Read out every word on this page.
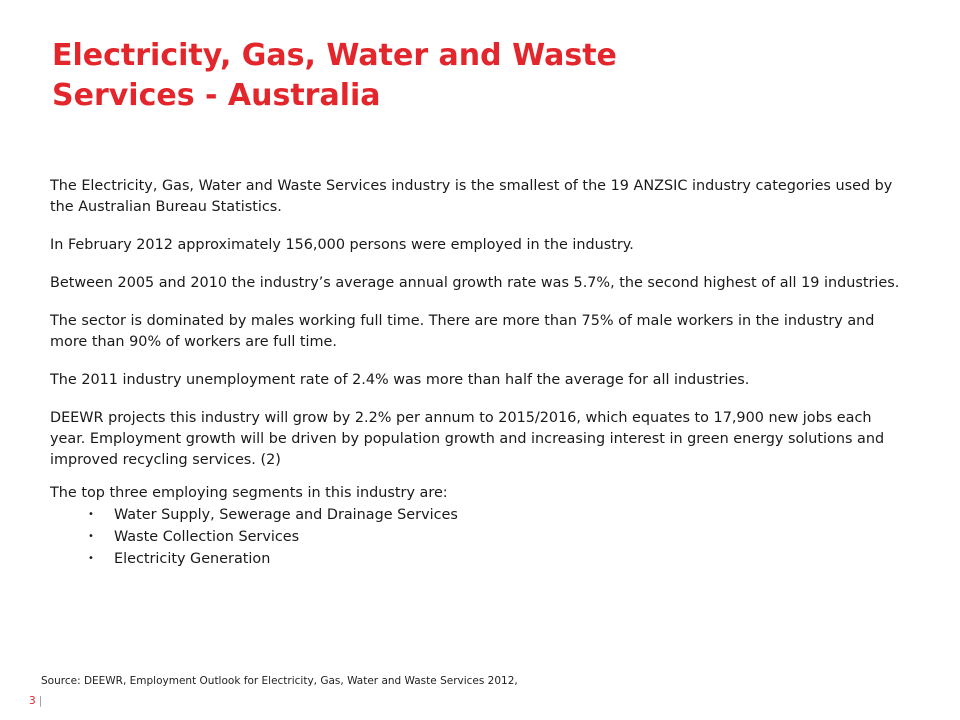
Electricity, Gas, Water and Waste
Services - Australia

The Electricity, Gas, Water and Waste Services industry is the smallest of the 19 ANZSIC industry categories used by the Australian Bureau Statistics.

In February 2012 approximately 156,000 persons were employed in the industry.

Between 2005 and 2010 the industry’s average annual growth rate was 5.7%, the second highest of all 19 industries.

The sector is dominated by males working full time. There are more than 75% of male workers in the industry and more than 90% of workers are full time.

The 2011 industry unemployment rate of 2.4% was more than half the average for all industries.

DEEWR projects this industry will grow by 2.2% per annum to 2015/2016, which equates to 17,900 new jobs each year. Employment growth will be driven by population growth and increasing interest in green energy solutions and improved recycling services. (2)

The top three employing segments in this industry are:

• Water Supply, Sewerage and Drainage Services
• Waste Collection Services
• Electricity Generation
Source: DEEWR, Employment Outlook for Electricity, Gas, Water and Waste Services 2012,
3 |
